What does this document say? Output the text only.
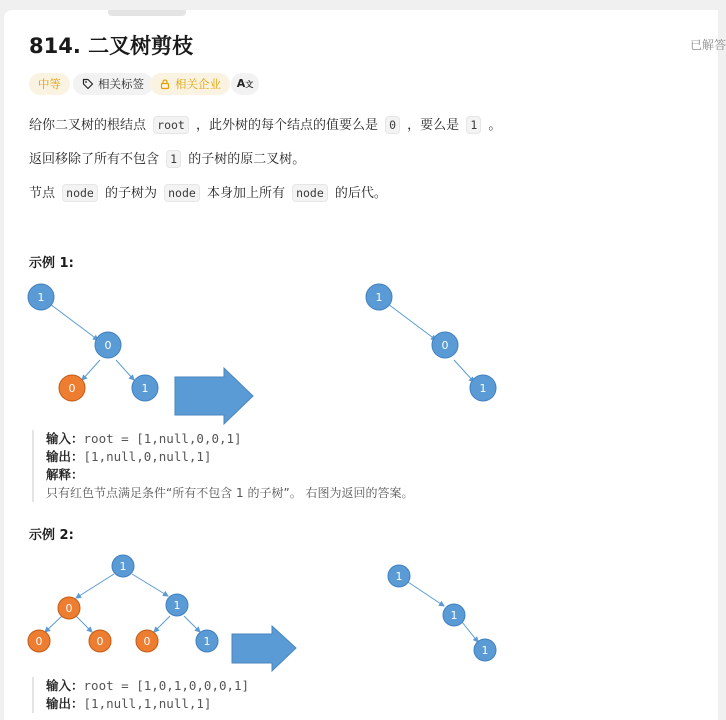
814. 二叉树剪枝	已解答
中等	相关标签	相关企业 A文
给你二叉树的根结点 root ，此外树的每个结点的值要么是 0 ，要么是 1 。
返回移除了所有不包含 1 的子树的原二叉树。
节点 node 的子树为 node 本身加上所有 node 的后代。
示例 1:
1
0
0	1
1
0
1
输入：root = [1,null,0,0,1]
输出：[1,null,0,null,1]
解释：
只有红色节点满足条件“所有不包含 1 的子树”。 右图为返回的答案。
示例 2:
1
0	1
0	0	0	1
1
1
1
输入：root = [1,0,1,0,0,0,1]
输出：[1,null,1,null,1]
